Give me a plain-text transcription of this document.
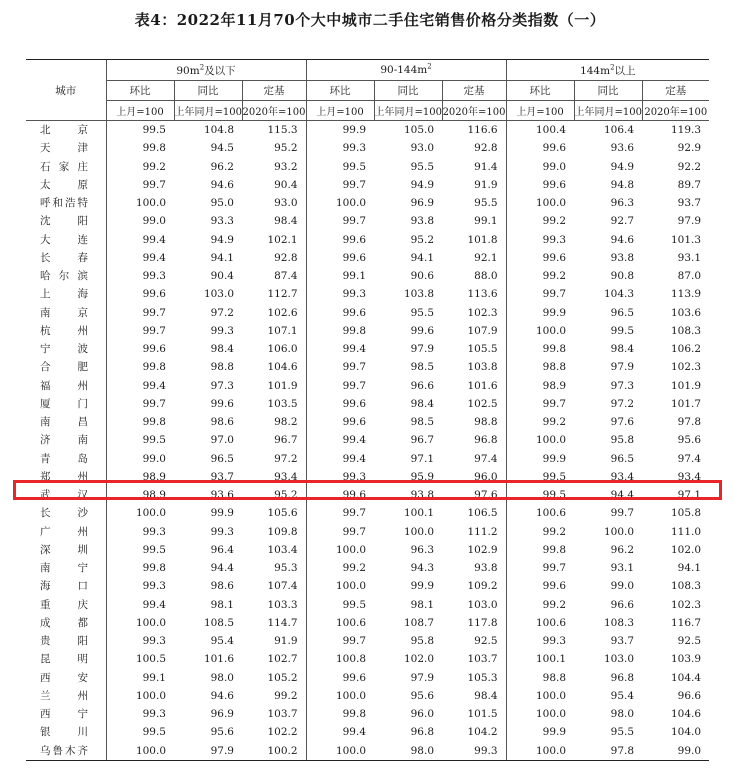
表4：2022年11月70个大中城市二手住宅销售价格分类指数（一）
城市	$90m^2$及以下			$90-144m^2$			$144m^2$以上		
	环比	同比	定基	环比	同比	定基	环比	同比	定基
	上月=100	上年同月=100	2020年=100	上月=100	上年同月=100	2020年=100	上月=100	上年同月=100	2020年=100
北京	99.5	104.8	115.3	99.9	105.0	116.6	100.4	106.4	119.3
天津	99.8	94.5	95.2	99.3	93.0	92.8	99.6	93.6	92.9
石家庄	99.2	96.2	93.2	99.5	95.5	91.4	99.0	94.9	92.2
太原	99.7	94.6	90.4	99.7	94.9	91.9	99.6	94.8	89.7
呼和浩特	100.0	95.0	93.0	100.0	96.9	95.5	100.0	96.3	93.7
沈阳	99.0	93.3	98.4	99.7	93.8	99.1	99.2	92.7	97.9
大连	99.4	94.9	102.1	99.6	95.2	101.8	99.3	94.6	101.3
长春	99.4	94.1	92.8	99.6	94.1	92.1	99.6	93.8	93.1
哈尔滨	99.3	90.4	87.4	99.1	90.6	88.0	99.2	90.8	87.0
上海	99.6	103.0	112.7	99.3	103.8	113.6	99.7	104.3	113.9
南京	99.7	97.2	102.6	99.6	95.5	102.3	99.9	96.5	103.6
杭州	99.7	99.3	107.1	99.8	99.6	107.9	100.0	99.5	108.3
宁波	99.6	98.4	106.0	99.4	97.9	105.5	99.8	98.4	106.2
合肥	99.8	98.8	104.6	99.7	98.5	103.8	98.8	97.9	102.3
福州	99.4	97.3	101.9	99.7	96.6	101.6	98.9	97.3	101.9
厦门	99.7	99.6	103.5	99.6	98.4	102.5	99.7	97.2	101.7
南昌	99.8	98.6	98.2	99.6	98.5	98.8	99.2	97.6	97.8
济南	99.5	97.0	96.7	99.4	96.7	96.8	100.0	95.8	95.6
青岛	99.0	96.5	97.2	99.4	97.1	97.4	99.9	96.5	97.4
郑州	98.9	93.7	93.4	99.3	95.9	96.0	99.5	93.4	93.4
武汉	98.9	93.6	95.2	99.6	93.8	97.6	99.5	94.4	97.1
长沙	100.0	99.9	105.6	99.7	100.1	106.5	100.6	99.7	105.8
广州	99.3	99.3	109.8	99.7	100.0	111.2	99.2	100.0	111.0
深圳	99.5	96.4	103.4	100.0	96.3	102.9	99.8	96.2	102.0
南宁	99.8	94.4	95.3	99.2	94.3	93.8	99.7	93.1	94.1
海口	99.3	98.6	107.4	100.0	99.9	109.2	99.6	99.0	108.3
重庆	99.4	98.1	103.3	99.5	98.1	103.0	99.2	96.6	102.3
成都	100.0	108.5	114.7	100.6	108.7	117.8	100.6	108.3	116.7
贵阳	99.3	95.4	91.9	99.7	95.8	92.5	99.3	93.7	92.5
昆明	100.5	101.6	102.7	100.8	102.0	103.7	100.1	103.0	103.9
西安	99.1	98.0	105.2	99.6	97.9	105.3	98.8	96.8	104.4
兰州	100.0	94.6	99.2	100.0	95.6	98.4	100.0	95.4	96.6
西宁	99.3	96.9	103.7	99.8	96.0	101.5	100.0	98.0	104.6
银川	99.5	95.6	102.2	99.4	96.8	104.2	99.9	95.5	104.0
乌鲁木齐	100.0	97.9	100.2	100.0	98.0	99.3	100.0	97.8	99.0
